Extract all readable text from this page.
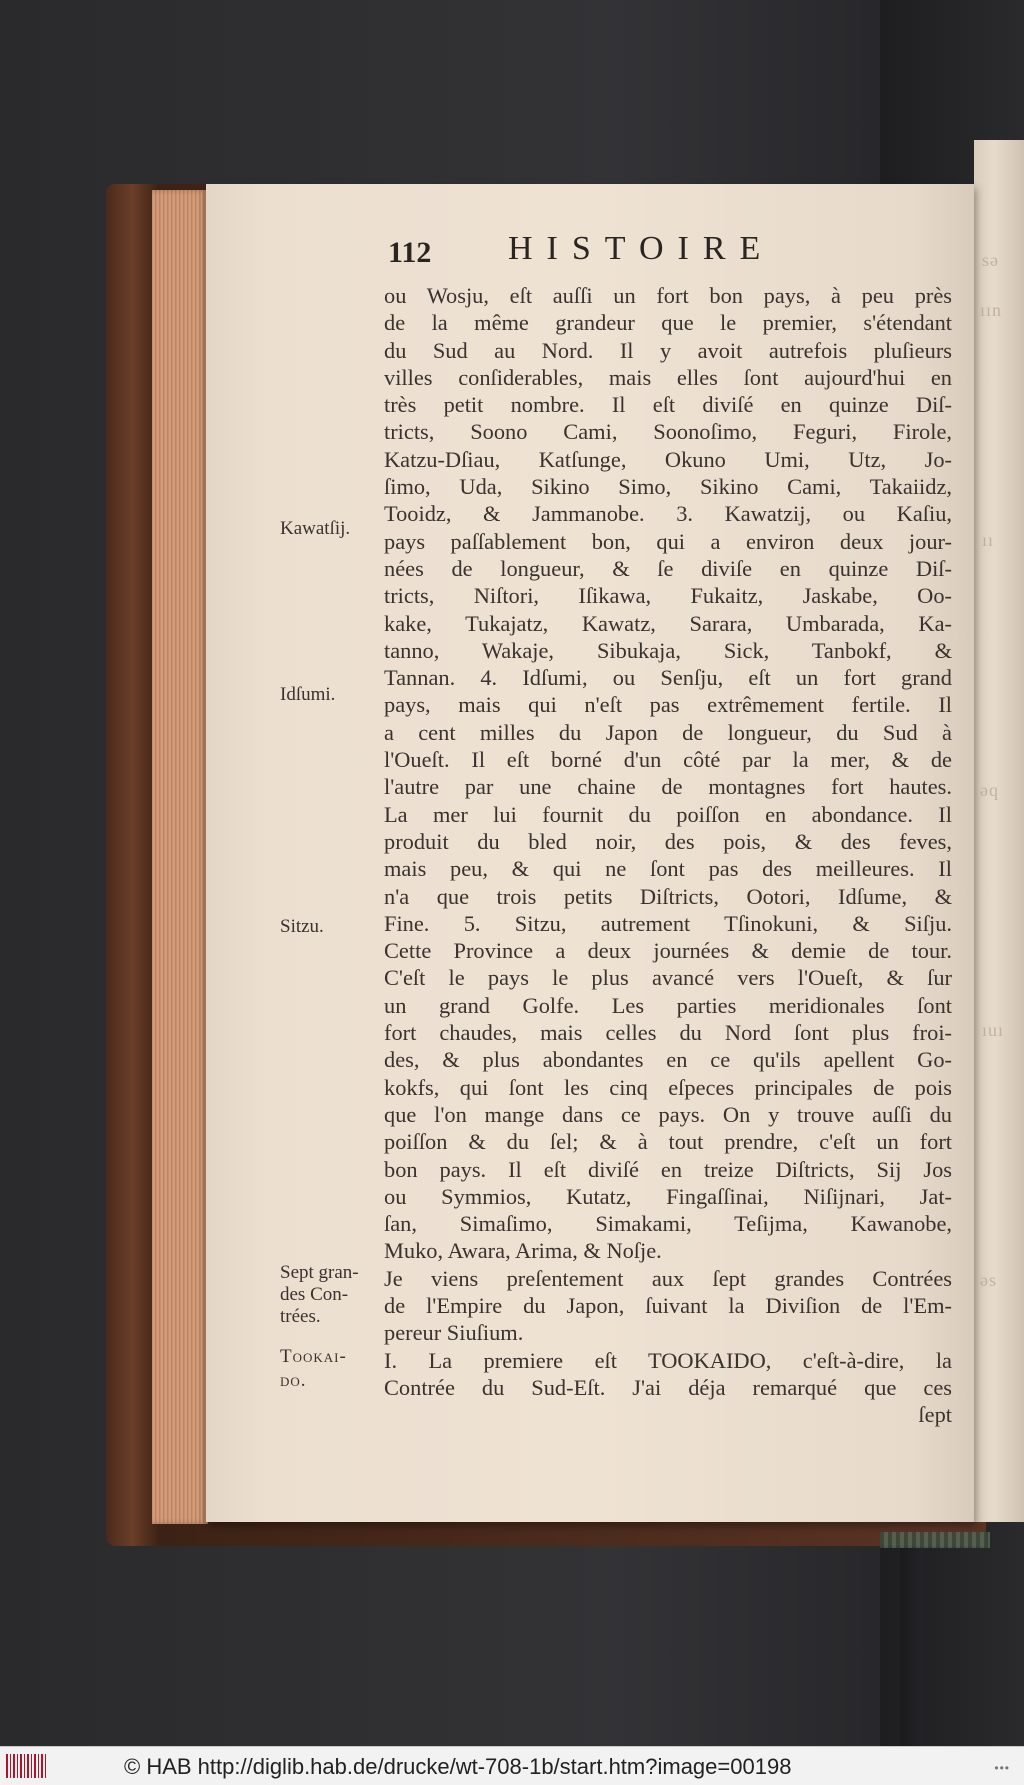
sǝ
ıın
ıı
ǝq
ıuı
ǝs
112 HISTOIRE
ou Wosju, eſt auſſi un fort bon pays, à peu près
de la même grandeur que le premier, s'étendant
du Sud au Nord. Il y avoit autrefois pluſieurs
villes conſiderables, mais elles ſont aujourd'hui en
très petit nombre. Il eſt diviſé en quinze Diſ-
tricts, Soono Cami, Soonoſimo, Feguri, Firole,
Katzu-Dſiau, Katſunge, Okuno Umi, Utz, Jo-
ſimo, Uda, Sikino Simo, Sikino Cami, Takaiidz,
Tooidz, & Jammanobe. 3. Kawatzij, ou Kaſiu,
pays paſſablement bon, qui a environ deux jour-
nées de longueur, & ſe diviſe en quinze Diſ-
tricts, Niſtori, Iſikawa, Fukaitz, Jaskabe, Oo-
kake, Tukajatz, Kawatz, Sarara, Umbarada, Ka-
tanno, Wakaje, Sibukaja, Sick, Tanbokf, &
Tannan. 4. Idſumi, ou Senſju, eſt un fort grand
pays, mais qui n'eſt pas extrêmement fertile. Il
a cent milles du Japon de longueur, du Sud à
l'Oueſt. Il eſt borné d'un côté par la mer, & de
l'autre par une chaine de montagnes fort hautes.
La mer lui fournit du poiſſon en abondance. Il
produit du bled noir, des pois, & des feves,
mais peu, & qui ne ſont pas des meilleures. Il
n'a que trois petits Diſtricts, Ootori, Idſume, &
Fine. 5. Sitzu, autrement Tſinokuni, & Siſju.
Cette Province a deux journées & demie de tour.
C'eſt le pays le plus avancé vers l'Oueſt, & ſur
un grand Golfe. Les parties meridionales ſont
fort chaudes, mais celles du Nord ſont plus froi-
des, & plus abondantes en ce qu'ils apellent Go-
kokfs, qui ſont les cinq eſpeces principales de pois
que l'on mange dans ce pays. On y trouve auſſi du
poiſſon & du ſel; & à tout prendre, c'eſt un fort
bon pays. Il eſt diviſé en treize Diſtricts, Sij Jos
ou Symmios, Kutatz, Fingaſſinai, Niſijnari, Jat-
ſan, Simaſimo, Simakami, Teſijma, Kawanobe,
Muko, Awara, Arima, & Noſje.
Je viens preſentement aux ſept grandes Contrées
de l'Empire du Japon, ſuivant la Diviſion de l'Em-
pereur Siuſium.
I. La premiere eſt TOOKAIDO, c'eſt-à-dire, la
Contrée du Sud-Eſt. J'ai déja remarqué que ces
ſept
Kawatſij.
Idſumi.
Sitzu.
Sept gran-
des Con-
trées.
Tookai-
do.
© HAB http://diglib.hab.de/drucke/wt-708-1b/start.htm?image=00198	•••
